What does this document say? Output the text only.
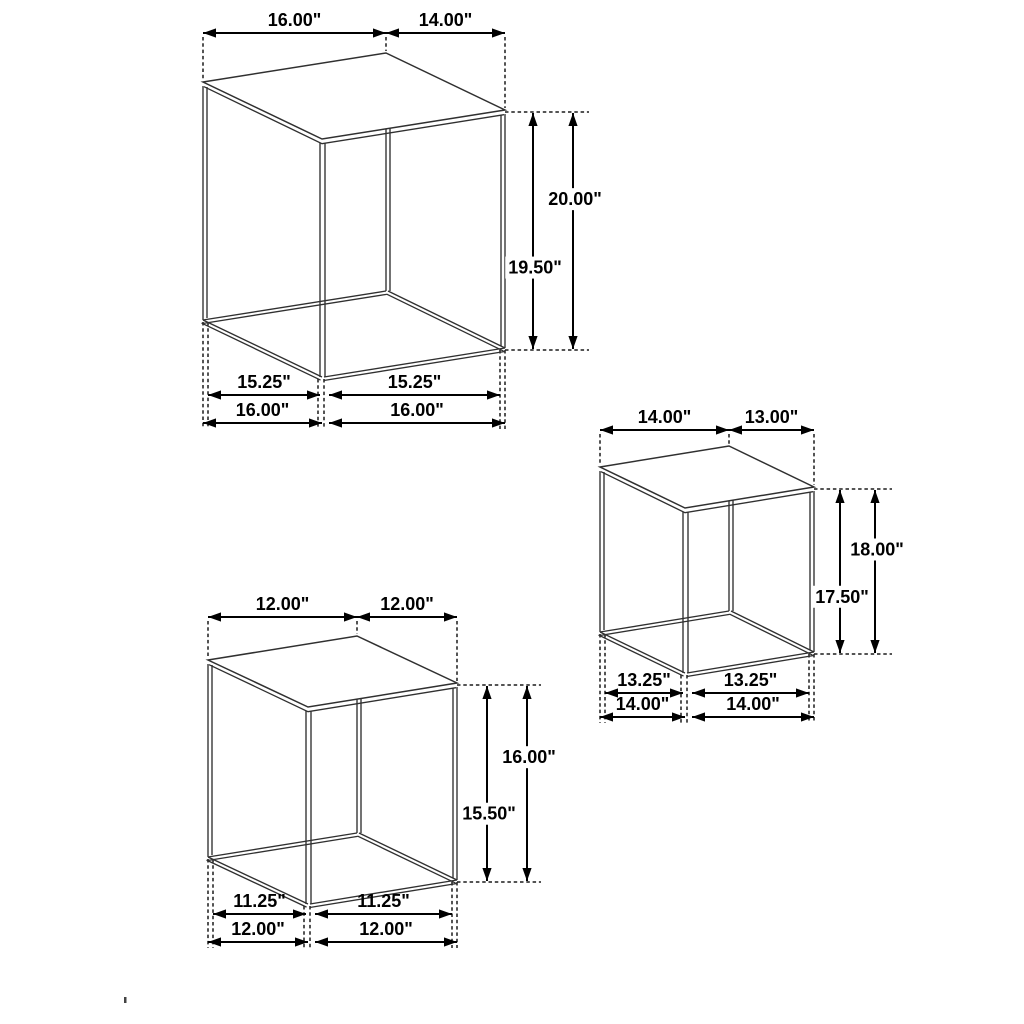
16.00"	14.00"
19.50"
20.00"
15.25"	15.25"
16.00"	16.00"	14.00"	13.00"
17.50"
18.00"
13.25"	13.25"
14.00"	14.00"
12.00"	12.00"
15.50"
16.00"
11.25"	11.25"
12.00"	12.00"
